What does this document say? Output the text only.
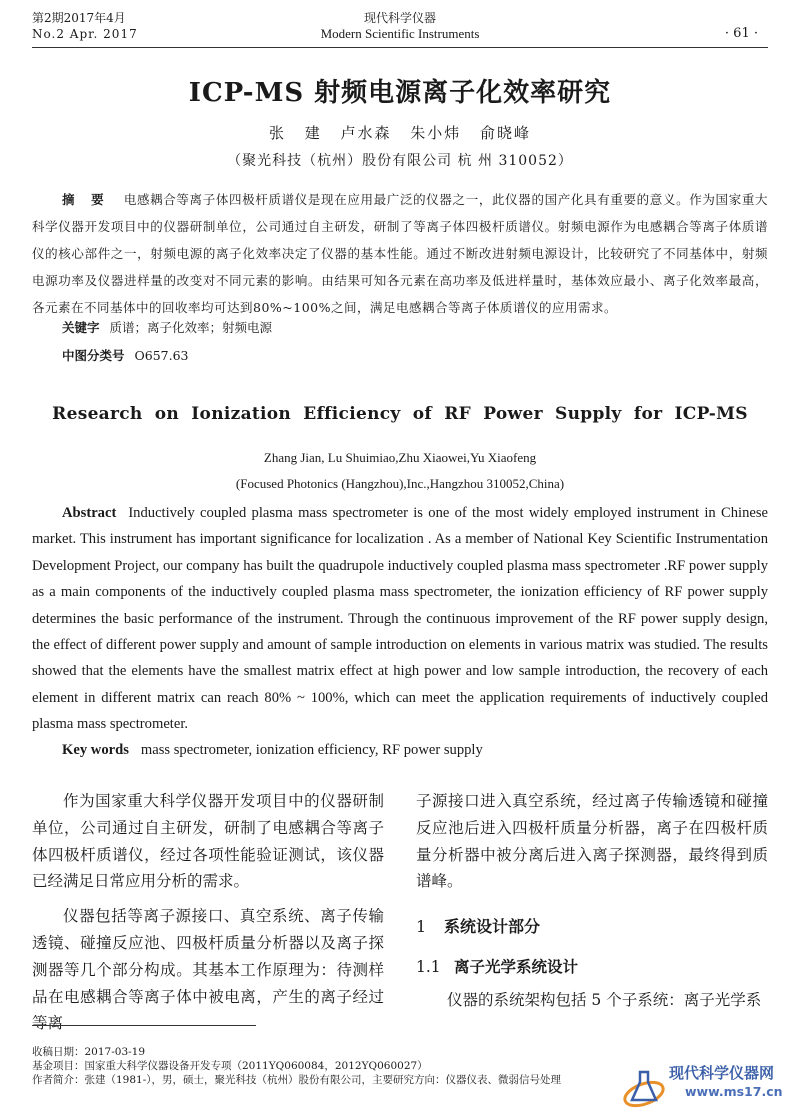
第2期2017年4月
No.2 Apr. 2017
现代科学仪器
Modern Scientific Instruments	· 61 ·
ICP-MS 射频电源离子化效率研究
张 建 卢水森 朱小炜 俞晓峰
（聚光科技（杭州）股份有限公司 杭 州 310052）
摘 要 电感耦合等离子体四极杆质谱仪是现在应用最广泛的仪器之一，此仪器的国产化具有重要的意义。作为国家重大科学仪器开发项目中的仪器研制单位，公司通过自主研发，研制了等离子体四极杆质谱仪。射频电源作为电感耦合等离子体质谱仪的核心部件之一，射频电源的离子化效率决定了仪器的基本性能。通过不断改进射频电源设计，比较研究了不同基体中，射频电源功率及仪器进样量的改变对不同元素的影响。由结果可知各元素在高功率及低进样量时，基体效应最小、离子化效率最高，各元素在不同基体中的回收率均可达到80%~100%之间，满足电感耦合等离子体质谱仪的应用需求。
关键字 质谱；离子化效率；射频电源
中图分类号 O657.63
Research on Ionization Efficiency of RF Power Supply for ICP-MS
Zhang Jian, Lu Shuimiao,Zhu Xiaowei,Yu Xiaofeng
(Focused Photonics (Hangzhou),Inc.,Hangzhou 310052,China)
Abstract Inductively coupled plasma mass spectrometer is one of the most widely employed instrument in Chinese market. This instrument has important significance for localization . As a member of National Key Scientific Instrumentation Development Project, our company has built the quadrupole inductively coupled plasma mass spectrometer .RF power supply as a main components of the inductively coupled plasma mass spectrometer, the ionization efficiency of RF power supply determines the basic performance of the instrument. Through the continuous improvement of the RF power supply design, the effect of different power supply and amount of sample introduction on elements in various matrix was studied. The results showed that the elements have the smallest matrix effect at high power and low sample introduction, the recovery of each element in different matrix can reach 80% ~ 100%, which can meet the application requirements of inductively coupled plasma mass spectrometer.
Key words mass spectrometer, ionization efficiency, RF power supply

作为国家重大科学仪器开发项目中的仪器研制单位，公司通过自主研发，研制了电感耦合等离子体四极杆质谱仪，经过各项性能验证测试，该仪器已经满足日常应用分析的需求。

仪器包括等离子源接口、真空系统、离子传输透镜、碰撞反应池、四极杆质量分析器以及离子探测器等几个部分构成。其基本工作原理为：待测样品在电感耦合等离子体中被电离，产生的离子经过等离

子源接口进入真空系统，经过离子传输透镜和碰撞反应池后进入四极杆质量分析器，离子在四极杆质量分析器中被分离后进入离子探测器，最终得到质谱峰。

1 系统设计部分
1.1 离子光学系统设计

仪器的系统架构包括 5 个子系统：离子光学系

收稿日期：2017-03-19
基金项目：国家重大科学仪器设备开发专项（2011YQ060084，2012YQ060027）
作者简介：张建（1981-），男，硕士，聚光科技（杭州）股份有限公司，主要研究方向：仪器仪表、微弱信号处理	现代科学仪器网
www.ms17.cn
